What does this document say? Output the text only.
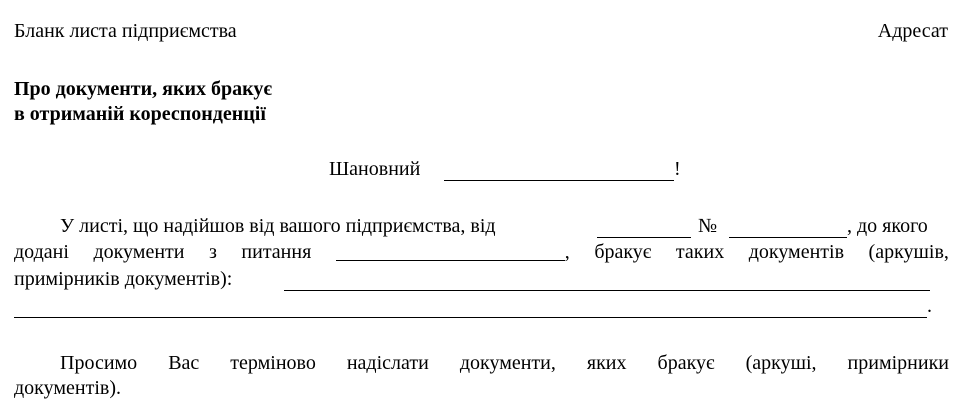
Бланк листа підприємства	Адресат
Про документи, яких бракує
в отриманій кореспонденції
Шановний	!
У листі, що надійшов від вашого підприємства, від	№	, до якого
додані документи з питання	, бракує таких документів (аркушів,
примірників документів):
.
Просимо Вас терміново надіслати документи, яких бракує (аркуші, примірники
документів).
